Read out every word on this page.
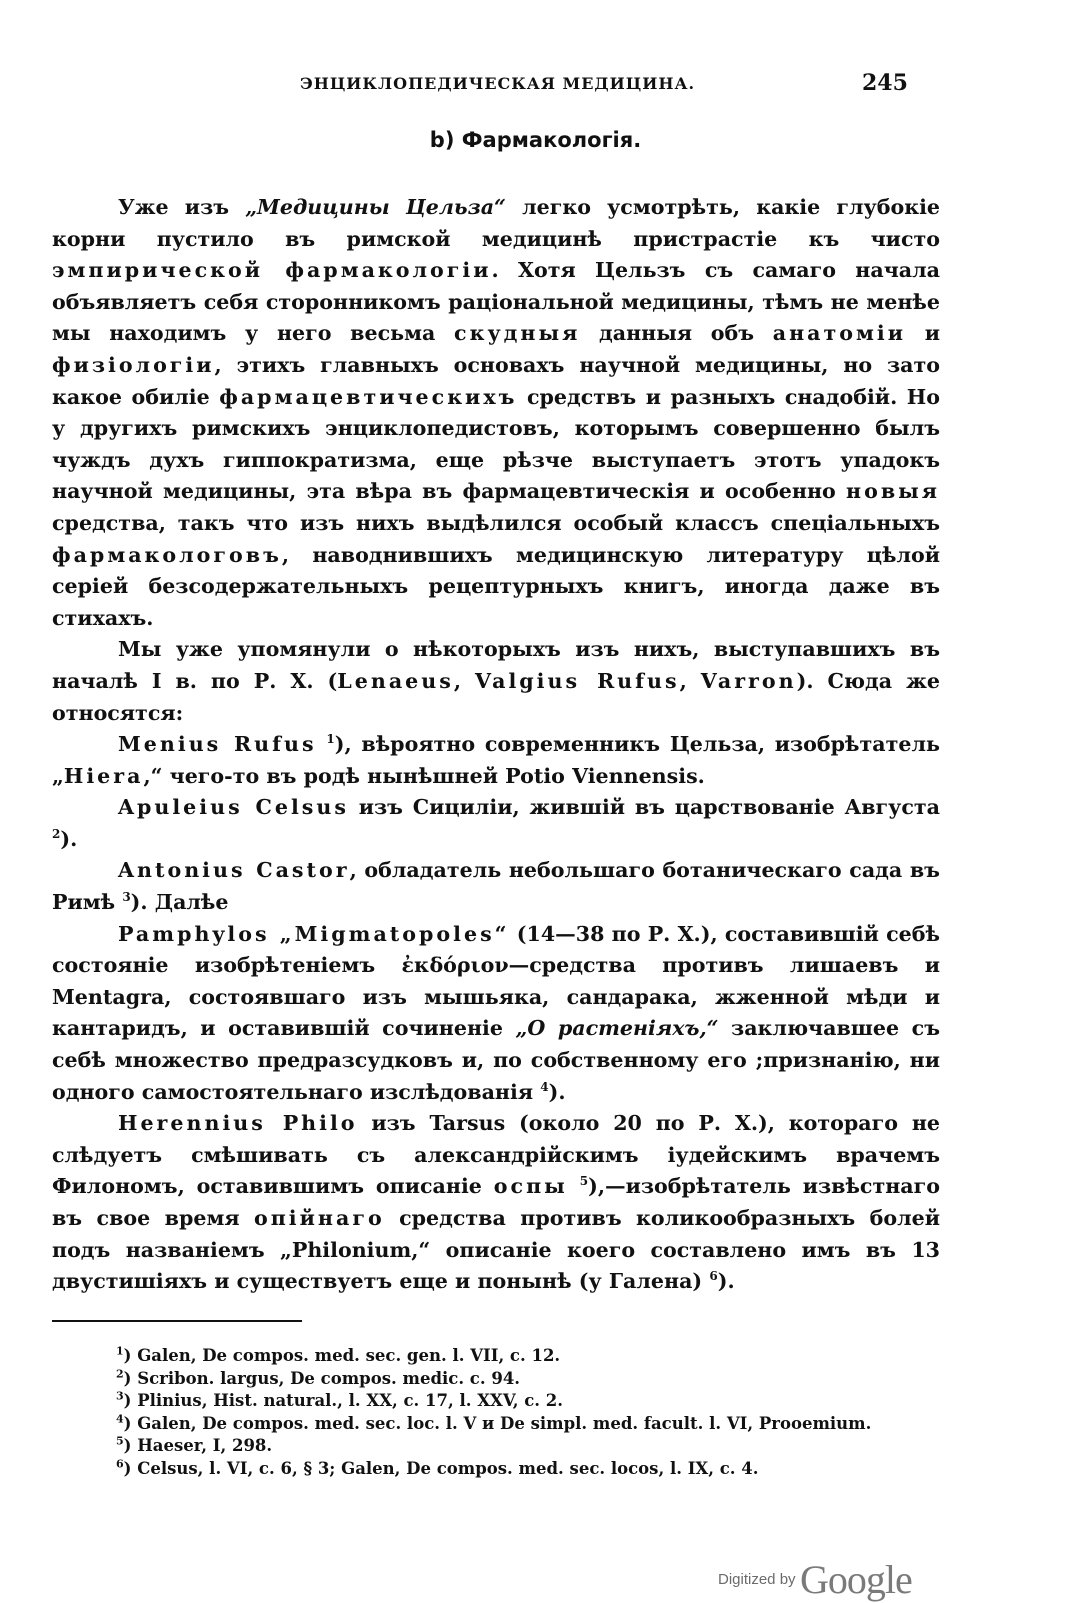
ЭНЦИКЛОПЕДИЧЕСКАЯ МЕДИЦИНА.	245
b) Фармакологія.

Уже изъ „Медицины Цельза“ легко усмотрѣть, какіе глубокіе корни пустило въ римской медицинѣ пристрастіе къ чисто эмпирической фармакологіи. Хотя Цельзъ съ самаго начала объявляетъ себя сторонникомъ раціональной медицины, тѣмъ не менѣе мы находимъ у него весьма скудныя данныя объ анатоміи и физіологіи, этихъ главныхъ основахъ научной медицины, но зато какое обиліе фармацевтическихъ средствъ и разныхъ снадобій. Но у другихъ римскихъ энциклопедистовъ, которымъ совершенно былъ чуждъ духъ гиппократизма, еще рѣзче выступаетъ этотъ упадокъ научной медицины, эта вѣра въ фармацевтическія и особенно новыя средства, такъ что изъ нихъ выдѣлился особый классъ спеціальныхъ фармакологовъ, наводнившихъ медицинскую литературу цѣлой серіей безсодержательныхъ рецептурныхъ книгъ, иногда даже въ стихахъ.

Мы уже упомянули о нѣкоторыхъ изъ нихъ, выступавшихъ въ началѣ I в. по Р. X. (Lenaeus, Valgius Rufus, Varron). Сюда же относятся:

Menius Rufus $^1$), вѣроятно современникъ Цельза, изобрѣтатель „Hiera,“ чего-то въ родѣ нынѣшней Potio Viennensis.

Apuleius Celsus изъ Сициліи, жившій въ царствованіе Августа $^2$).

Antonius Castor, обладатель небольшаго ботаническаго сада въ Римѣ $^3$). Далѣе

Pamphylos „Migmatopoles“ (14—38 по Р. X.), составившій себѣ состояніе изобрѣтеніемъ ἐκδόριον—средства противъ лишаевъ и Mentagra, состоявшаго изъ мышьяка, сандарака, жженной мѣди и кантаридъ, и оставившій сочиненіе „О растеніяхъ,“ заключавшее съ себѣ множество предразсудковъ и, по собственному его ;признанію, ни одного самостоятельнаго изслѣдованія $^4$).

Herennius Philo изъ Tarsus (около 20 по Р. X.), котораго не слѣдуетъ смѣшивать съ александрійскимъ іудейскимъ врачемъ Филономъ, оставившимъ описаніе оспы $^5$),—изобрѣтатель извѣстнаго въ свое время опійнаго средства противъ коликообразныхъ болей подъ названіемъ „Philonium,“ описаніе коего составлено имъ въ 13 двустишіяхъ и существуетъ еще и понынѣ (у Галена) $^6$).

$^1$) Galen, De compos. med. sec. gen. l. VII, c. 12.

$^2$) Scribon. largus, De compos. medic. c. 94.

$^3$) Plinius, Hist. natural., l. XX, c. 17, l. XXV, c. 2.

$^4$) Galen, De compos. med. sec. loc. l. V и De simpl. med. facult. l. VI, Prooemium.

$^5$) Haeser, I, 298.

$^6$) Celsus, l. VI, c. 6, § 3; Galen, De compos. med. sec. locos, l. IX, c. 4.

Digitized by Google
